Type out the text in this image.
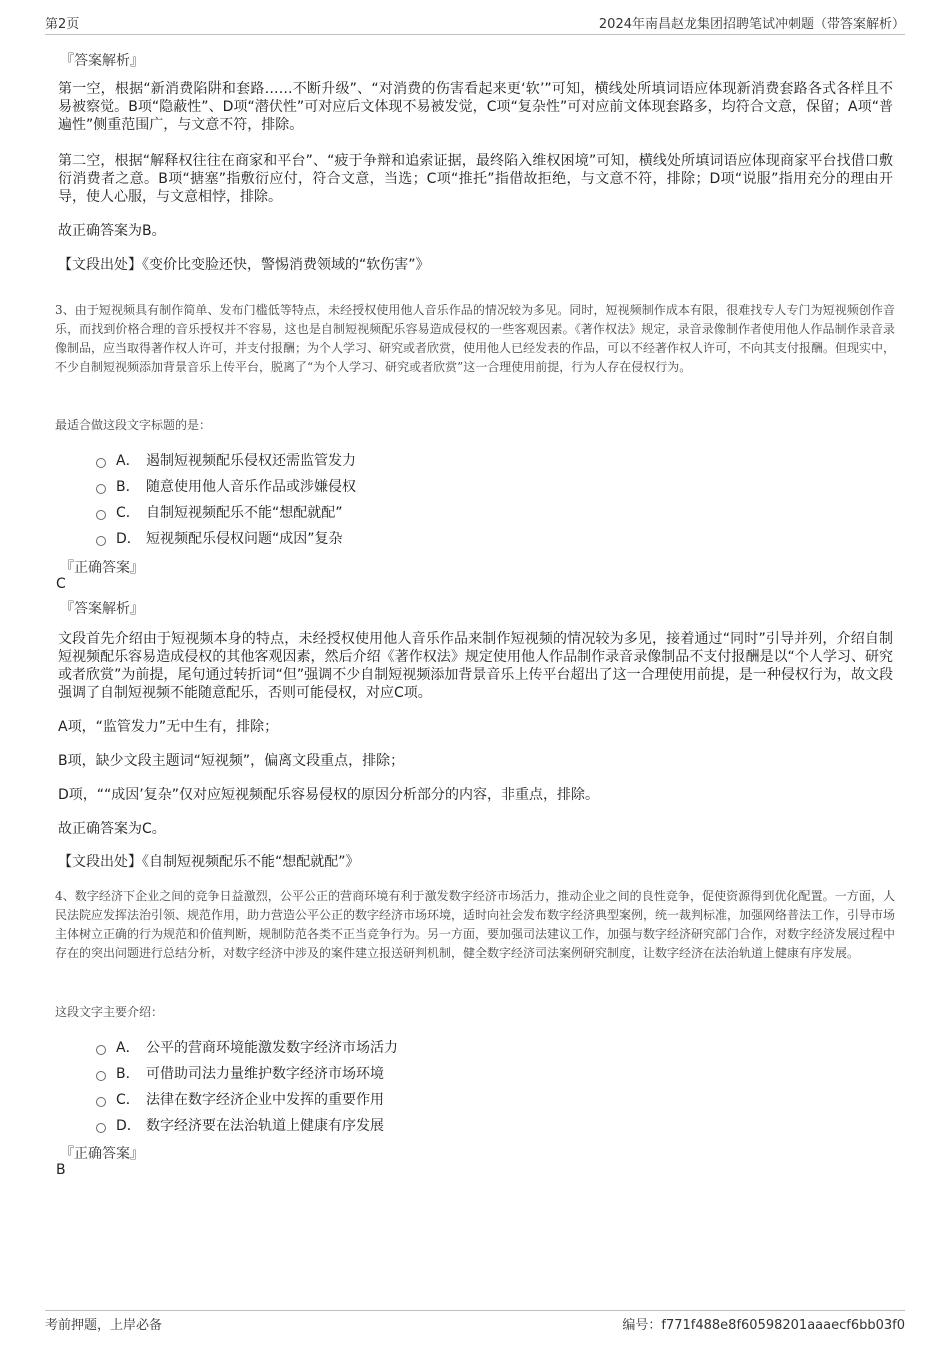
第2页	2024年南昌赵龙集团招聘笔试冲刺题（带答案解析）
『答案解析』
第一空，根据“新消费陷阱和套路……不断升级”、“对消费的伤害看起来更‘软’”可知，横线处所填词语应体现新消费套路各式各样且不易被察觉。B项“隐蔽性”、D项“潜伏性”可对应后文体现不易被发觉，C项“复杂性”可对应前文体现套路多，均符合文意，保留；A项“普遍性”侧重范围广，与文意不符，排除。
第二空，根据“解释权往往在商家和平台”、“疲于争辩和追索证据，最终陷入维权困境”可知，横线处所填词语应体现商家平台找借口敷衍消费者之意。B项“搪塞”指敷衍应付，符合文意，当选；C项“推托”指借故拒绝，与文意不符，排除；D项“说服”指用充分的理由开导，使人心服，与文意相悖，排除。
故正确答案为B。
【文段出处】《变价比变脸还快，警惕消费领域的“软伤害”》
3、由于短视频具有制作简单、发布门槛低等特点，未经授权使用他人音乐作品的情况较为多见。同时，短视频制作成本有限，很难找专人专门为短视频创作音乐，而找到价格合理的音乐授权并不容易，这也是自制短视频配乐容易造成侵权的一些客观因素。《著作权法》规定，录音录像制作者使用他人作品制作录音录像制品，应当取得著作权人许可，并支付报酬；为个人学习、研究或者欣赏，使用他人已经发表的作品，可以不经著作权人许可，不向其支付报酬。但现实中，不少自制短视频添加背景音乐上传平台，脱离了“为个人学习、研究或者欣赏”这一合理使用前提，行为人存在侵权行为。
最适合做这段文字标题的是：
A． 遏制短视频配乐侵权还需监管发力
B． 随意使用他人音乐作品或涉嫌侵权
C． 自制短视频配乐不能“想配就配”
D． 短视频配乐侵权问题“成因”复杂
『正确答案』
C
『答案解析』
文段首先介绍由于短视频本身的特点，未经授权使用他人音乐作品来制作短视频的情况较为多见，接着通过“同时”引导并列，介绍自制短视频配乐容易造成侵权的其他客观因素，然后介绍《著作权法》规定使用他人作品制作录音录像制品不支付报酬是以“个人学习、研究或者欣赏”为前提，尾句通过转折词“但”强调不少自制短视频添加背景音乐上传平台超出了这一合理使用前提，是一种侵权行为，故文段强调了自制短视频不能随意配乐，否则可能侵权，对应C项。
A项，“监管发力”无中生有，排除；
B项，缺少文段主题词“短视频”，偏离文段重点，排除；
D项，““成因’复杂”仅对应短视频配乐容易侵权的原因分析部分的内容，非重点，排除。
故正确答案为C。
【文段出处】《自制短视频配乐不能“想配就配”》
4、数字经济下企业之间的竞争日益激烈，公平公正的营商环境有利于激发数字经济市场活力，推动企业之间的良性竞争，促使资源得到优化配置。一方面，人民法院应发挥法治引领、规范作用，助力营造公平公正的数字经济市场环境，适时向社会发布数字经济典型案例，统一裁判标准，加强网络普法工作，引导市场主体树立正确的行为规范和价值判断，规制防范各类不正当竞争行为。另一方面，要加强司法建议工作，加强与数字经济研究部门合作，对数字经济发展过程中存在的突出问题进行总结分析，对数字经济中涉及的案件建立报送研判机制，健全数字经济司法案例研究制度，让数字经济在法治轨道上健康有序发展。
这段文字主要介绍：
A． 公平的营商环境能激发数字经济市场活力
B． 可借助司法力量维护数字经济市场环境
C． 法律在数字经济企业中发挥的重要作用
D． 数字经济要在法治轨道上健康有序发展
『正确答案』
B
考前押题，上岸必备	编号：f771f488e8f60598201aaaecf6bb03f0
